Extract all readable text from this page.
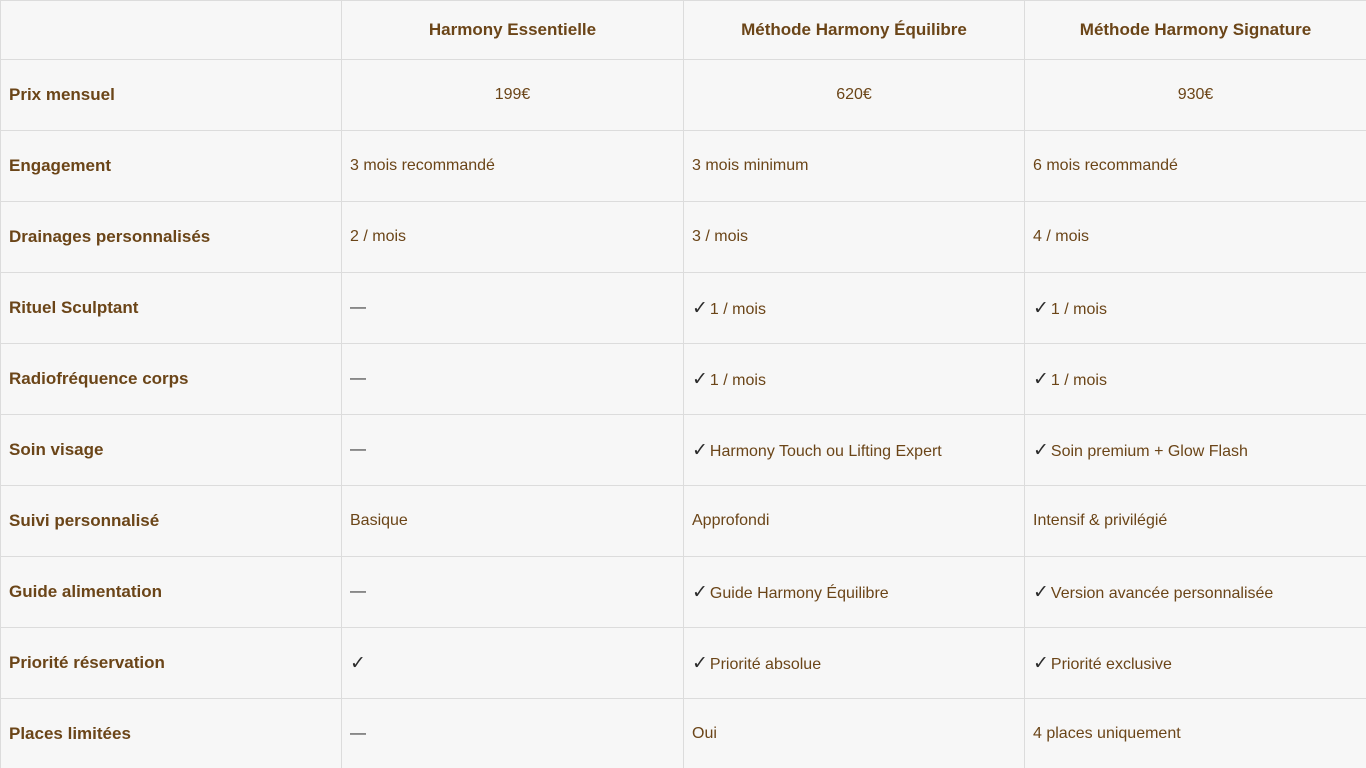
	Harmony Essentielle	Méthode Harmony Équilibre	Méthode Harmony Signature
Prix mensuel	199€	620€	930€
Engagement	3 mois recommandé	3 mois minimum	6 mois recommandé
Drainages personnalisés	2 / mois	3 / mois	4 / mois
Rituel Sculptant	—	✓ 1 / mois	✓ 1 / mois
Radiofréquence corps	—	✓ 1 / mois	✓ 1 / mois
Soin visage	—	✓ Harmony Touch ou Lifting Expert	✓ Soin premium + Glow Flash
Suivi personnalisé	Basique	Approfondi	Intensif & privilégié
Guide alimentation	—	✓ Guide Harmony Équilibre	✓ Version avancée personnalisée
Priorité réservation	✓	✓ Priorité absolue	✓ Priorité exclusive
Places limitées	—	Oui	4 places uniquement
